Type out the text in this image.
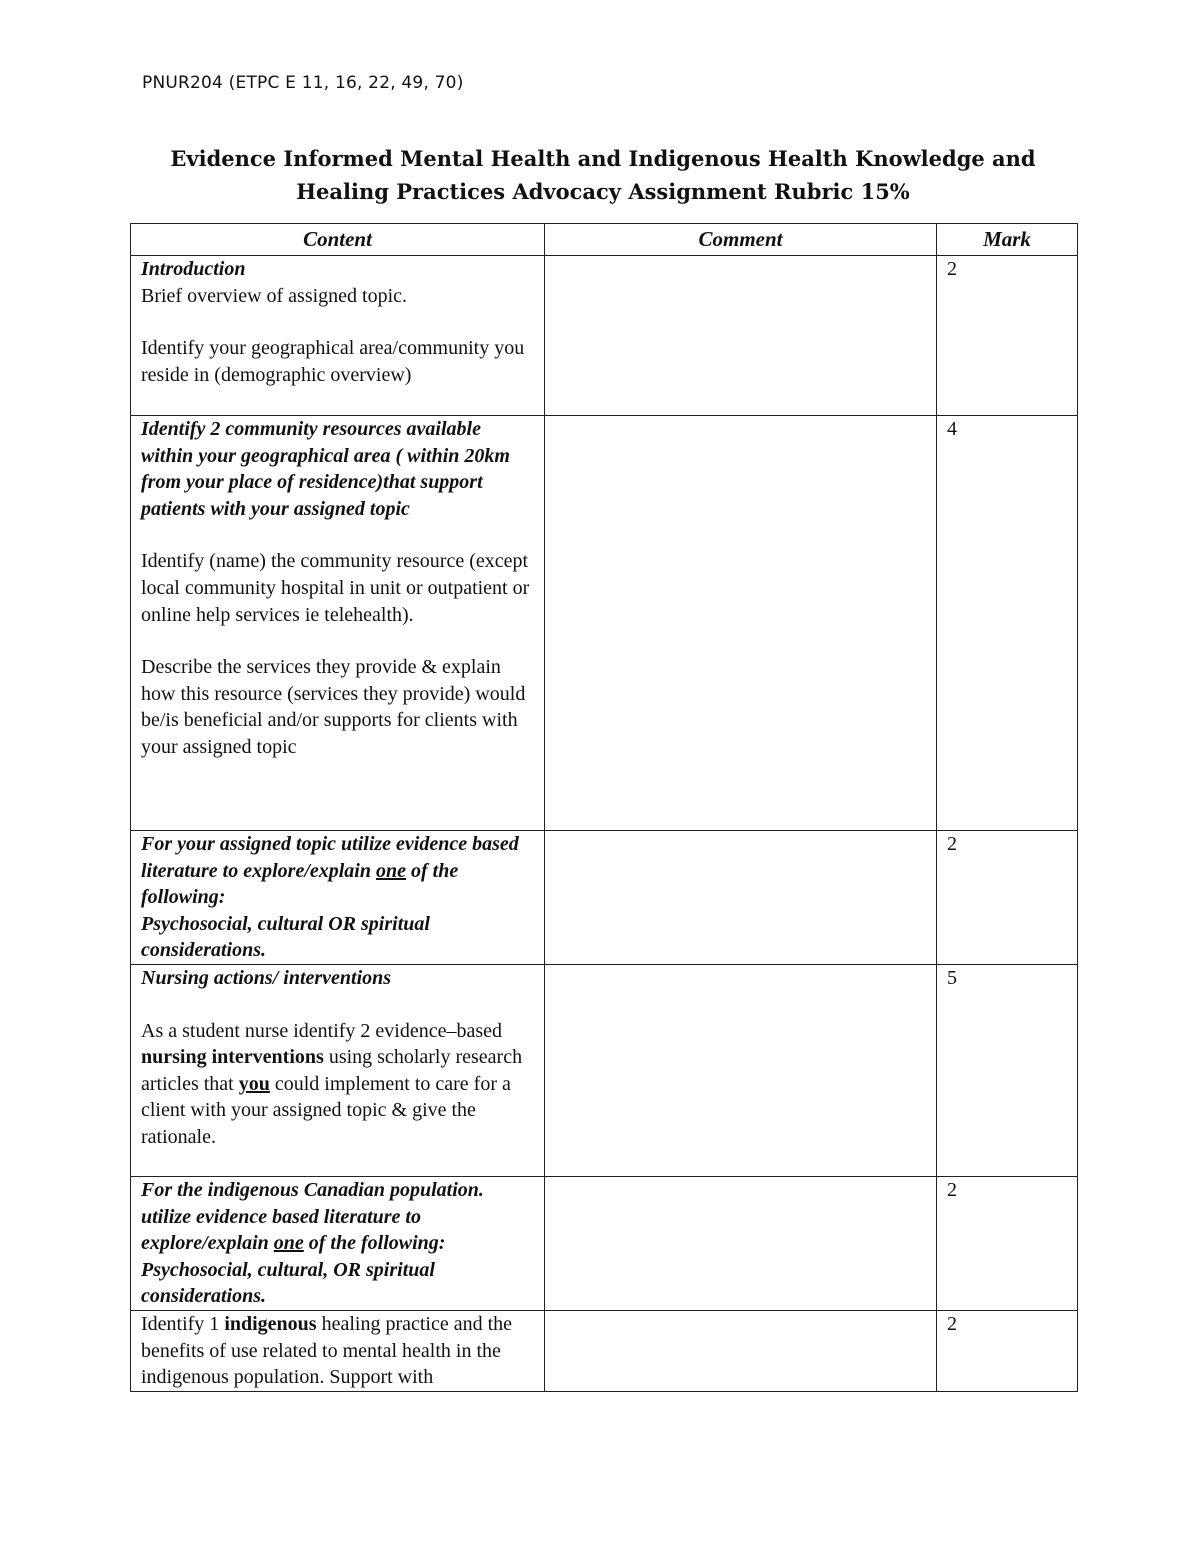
PNUR204 (ETPC E 11, 16, 22, 49, 70)
Evidence Informed Mental Health and Indigenous Health Knowledge and
Healing Practices Advocacy Assignment Rubric 15%
Content	Comment	Mark

Introduction

Brief overview of assigned topic.

Identify your geographical area/community you reside in (demographic overview)		2

Identify 2 community resources available within your geographical area ( within 20km from your place of residence)that support patients with your assigned topic

Identify (name) the community resource (except local community hospital in unit or outpatient or online help services ie telehealth).

Describe the services they provide & explain how this resource (services they provide) would be/is beneficial and/or supports for clients with your assigned topic		4

For your assigned topic utilize evidence based literature to explore/explain one of the following:

Psychosocial, cultural OR spiritual considerations.		2

Nursing actions/ interventions

As a student nurse identify 2 evidence–based nursing interventions using scholarly research articles that you could implement to care for a client with your assigned topic & give the rationale.		5

For the indigenous Canadian population. utilize evidence based literature to explore/explain one of the following:

Psychosocial, cultural, OR spiritual considerations.		2

Identify 1 indigenous healing practice and the benefits of use related to mental health in the indigenous population. Support with		2
